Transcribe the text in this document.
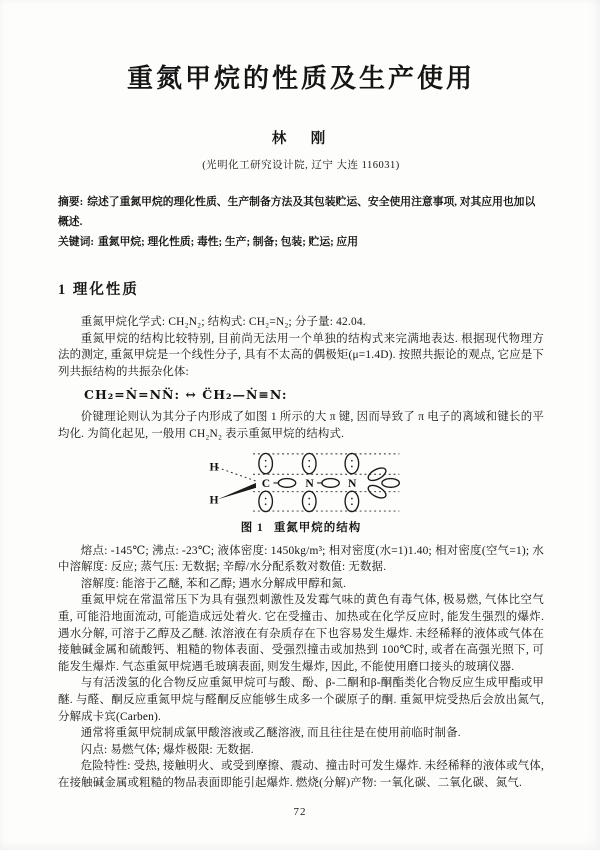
重氮甲烷的性质及生产使用
林　刚
(光明化工研究设计院, 辽宁 大连 116031)
摘要: 综述了重氮甲烷的理化性质、生产制备方法及其包装贮运、安全使用注意事项, 对其应用也加以概述.
关键词: 重氮甲烷; 理化性质; 毒性; 生产; 制备; 包装; 贮运; 应用
1 理化性质

重氮甲烷化学式: CH₂N₂; 结构式: CH₂=N₂; 分子量: 42.04.

重氮甲烷的结构比较特别, 目前尚无法用一个单独的结构式来完满地表达. 根据现代物理方法的测定, 重氮甲烷是一个线性分子, 具有不太高的偶极矩(μ=1.4D). 按照共振论的观点, 它应是下列共振结构的共振杂化体:

CH₂=Ṅ=NN̈: ↔ C̈H₂—Ṅ≡N:

价键理论则认为其分子内形成了如图 1 所示的大 π 键, 因而导致了 π 电子的离域和键长的平均化. 为简化起见, 一般用 CH₂N₂ 表示重氮甲烷的结构式.

H
H
C	N	N
图 1 重氮甲烷的结构

熔点: -145℃; 沸点: -23℃; 液体密度: 1450kg/m³; 相对密度(水=1)1.40; 相对密度(空气=1); 水中溶解度: 反应; 蒸气压: 无数据; 辛醇/水分配系数对数值: 无数据.

溶解度: 能溶于乙醚, 苯和乙醇; 遇水分解成甲醇和氮.

重氮甲烷在常温常压下为具有强烈刺激性及发霉气味的黄色有毒气体, 极易燃, 气体比空气重, 可能沿地面流动, 可能造成远处着火. 它在受撞击、加热或在化学反应时, 能发生强烈的爆炸. 遇水分解, 可溶于乙醇及乙醚. 浓溶液在有杂质存在下也容易发生爆炸. 未经稀释的液体或气体在接触碱金属和硫酸钙、粗糙的物体表面、受强烈撞击或加热到 100℃时, 或者在高强光照下, 可能发生爆炸. 气态重氮甲烷遇毛玻璃表面, 则发生爆炸, 因此, 不能使用磨口接头的玻璃仪器.

与有活泼氢的化合物反应重氮甲烷可与酸、酚、β-二酮和β-酮酯类化合物反应生成甲酯或甲醚. 与醛、酮反应重氮甲烷与醛酮反应能够生成多一个碳原子的酮. 重氮甲烷受热后会放出氮气, 分解成卡宾(Carben).

通常将重氮甲烷制成氯甲酸溶液或乙醚溶液, 而且往往是在使用前临时制备.

闪点: 易燃气体; 爆炸极限: 无数据.

危险特性: 受热, 接触明火、或受到摩擦、震动、撞击时可发生爆炸. 未经稀释的液体或气体, 在接触碱金属或粗糙的物品表面即能引起爆炸. 燃烧(分解)产物: 一氧化碳、二氧化碳、氮气.

72
